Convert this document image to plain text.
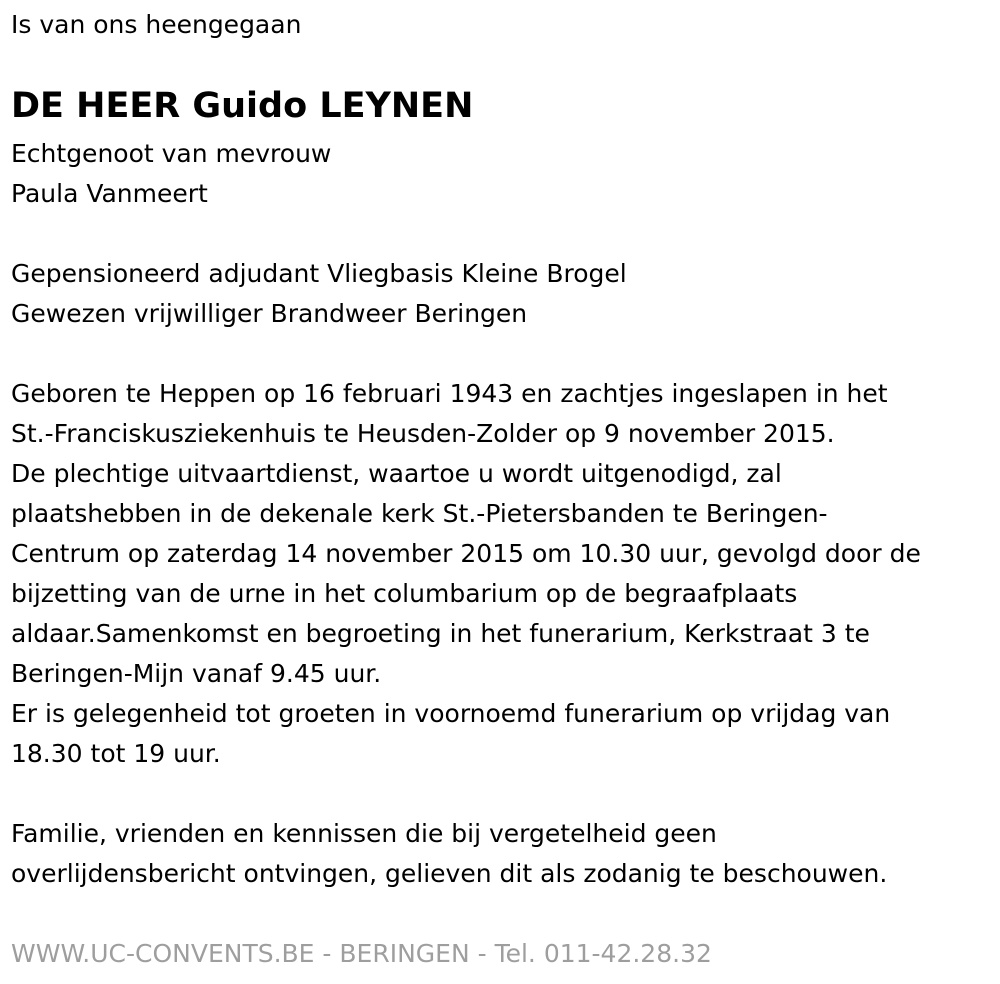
Is van ons heengegaan
DE HEER Guido LEYNEN
Echtgenoot van mevrouw
Paula Vanmeert
Gepensioneerd adjudant Vliegbasis Kleine Brogel
Gewezen vrijwilliger Brandweer Beringen
Geboren te Heppen op 16 februari 1943 en zachtjes ingeslapen in het
St.-Franciskusziekenhuis te Heusden-Zolder op 9 november 2015.
De plechtige uitvaartdienst, waartoe u wordt uitgenodigd, zal
plaatshebben in de dekenale kerk St.-Pietersbanden te Beringen-
Centrum op zaterdag 14 november 2015 om 10.30 uur, gevolgd door de
bijzetting van de urne in het columbarium op de begraafplaats
aldaar.Samenkomst en begroeting in het funerarium, Kerkstraat 3 te
Beringen-Mijn vanaf 9.45 uur.
Er is gelegenheid tot groeten in voornoemd funerarium op vrijdag van
18.30 tot 19 uur.
Familie, vrienden en kennissen die bij vergetelheid geen
overlijdensbericht ontvingen, gelieven dit als zodanig te beschouwen.
WWW.UC-CONVENTS.BE - BERINGEN - Tel. 011-42.28.32
